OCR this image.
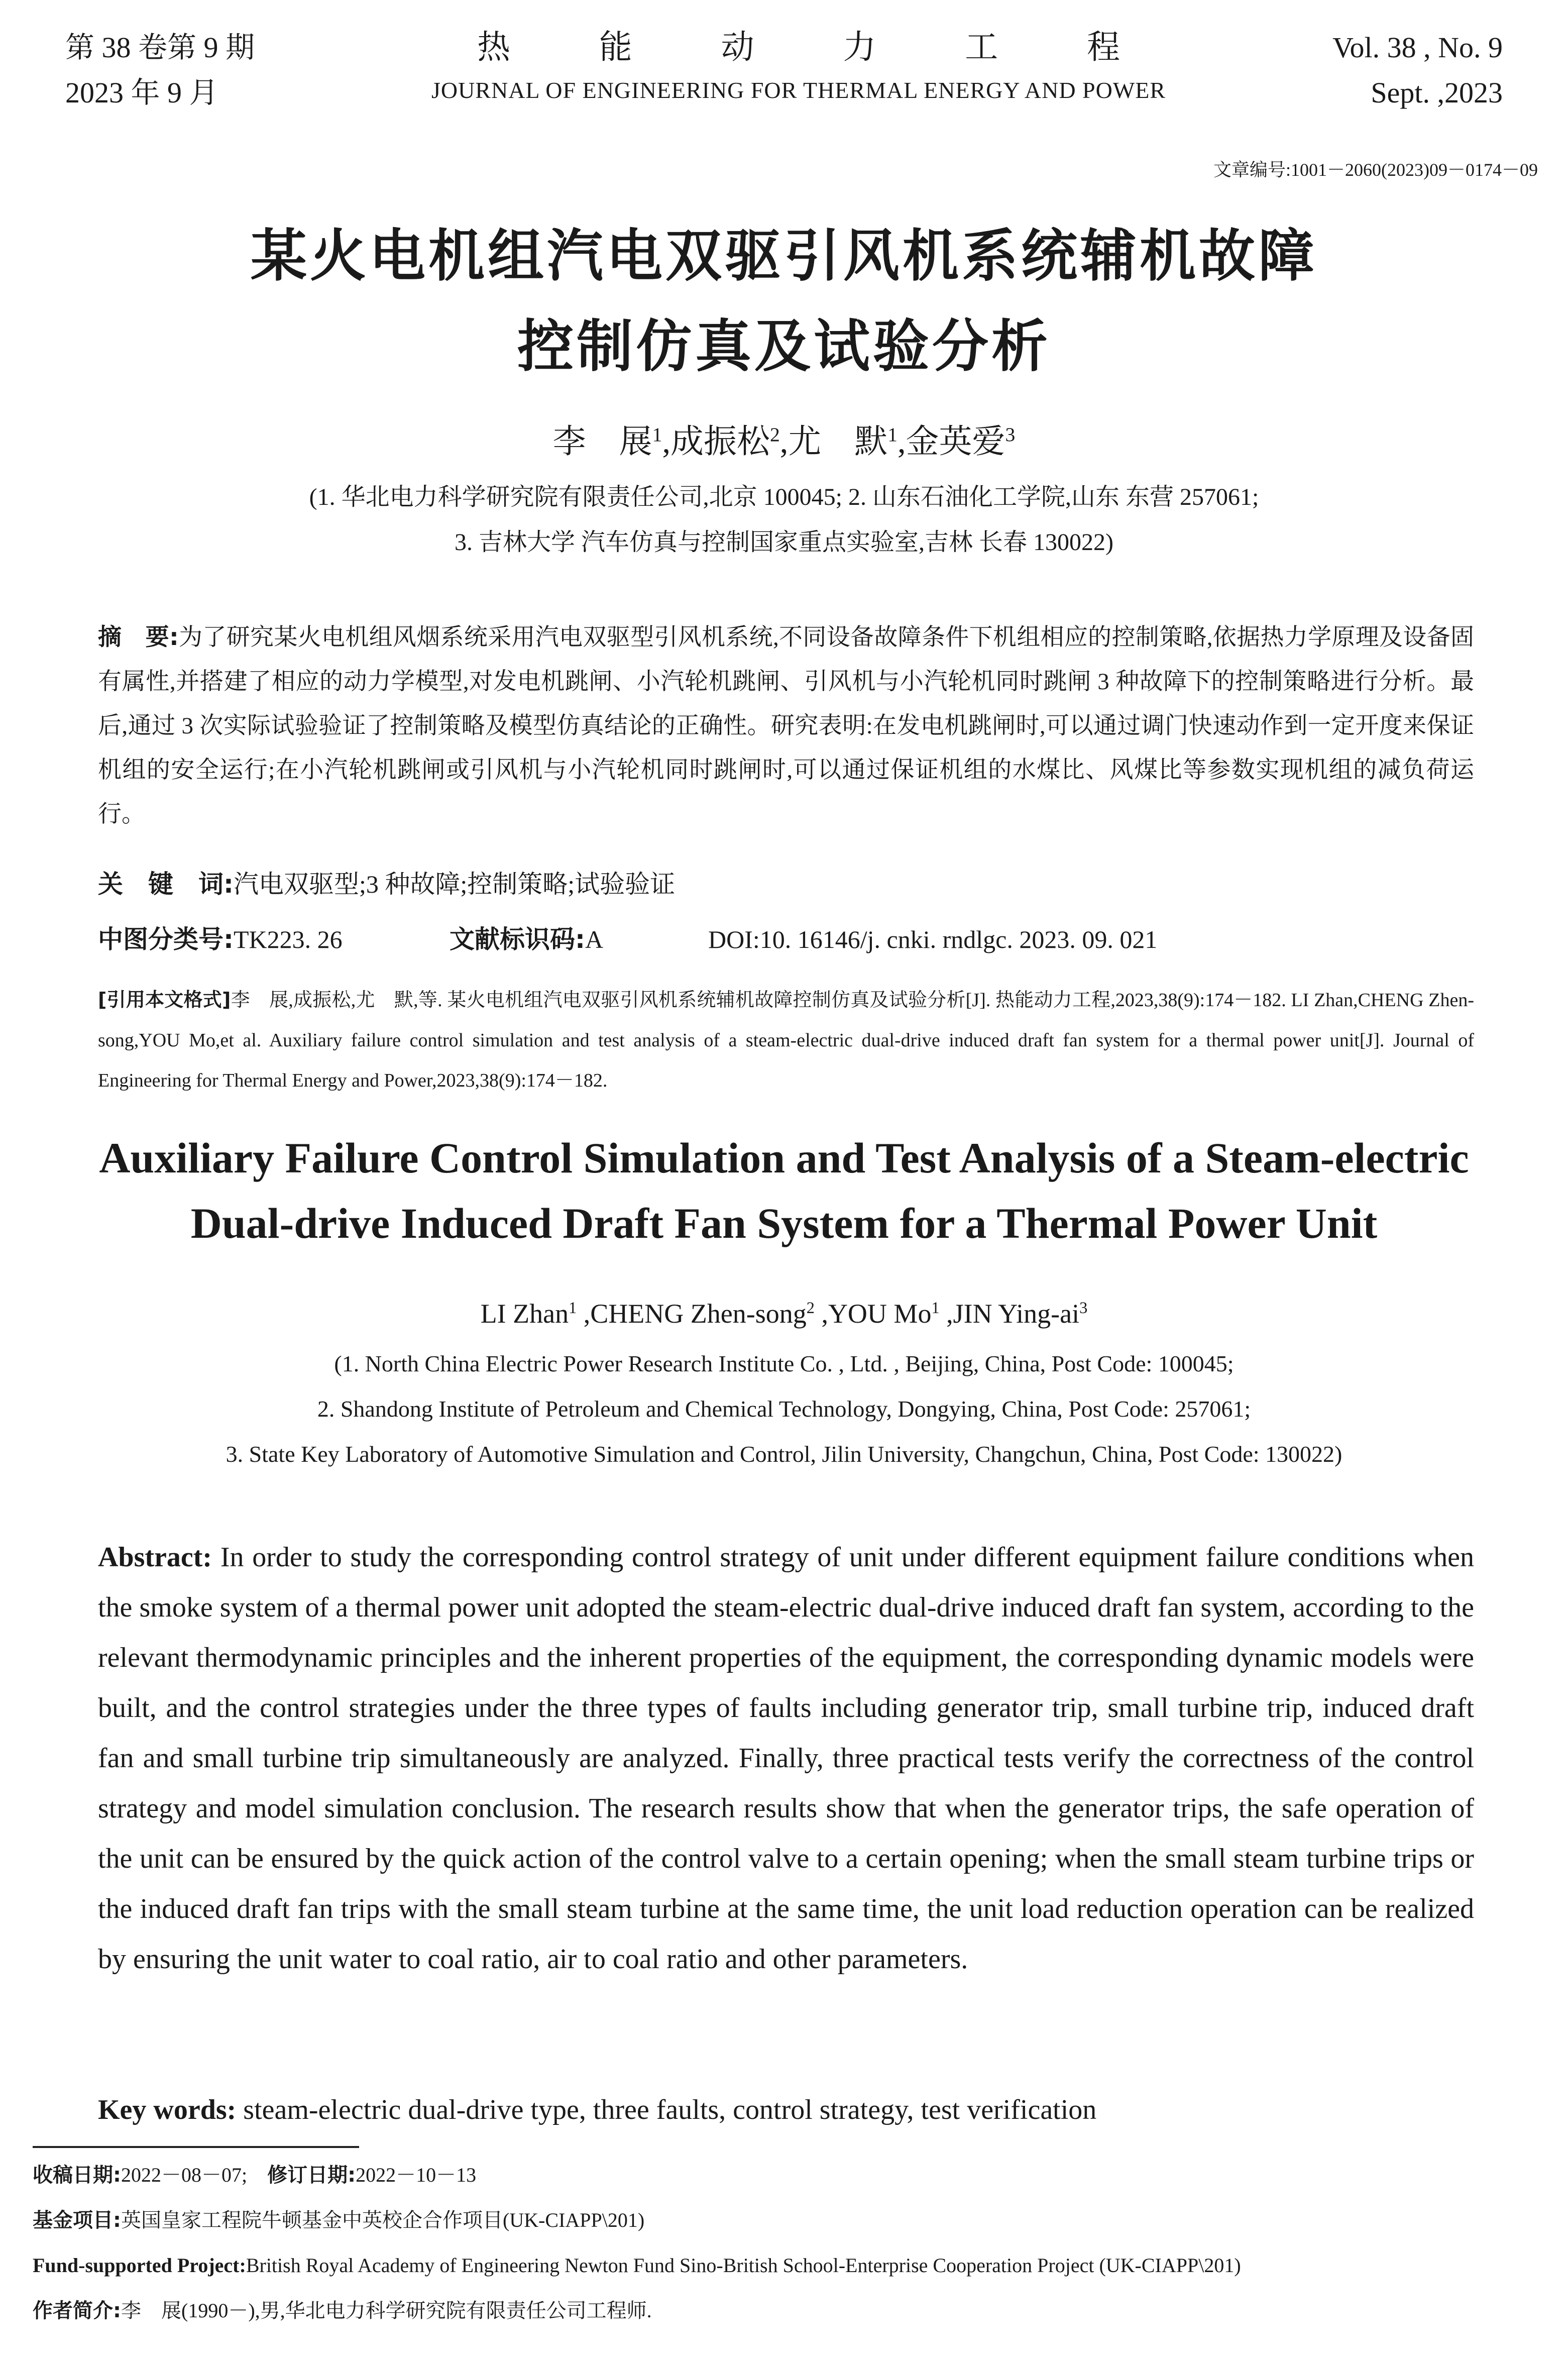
第 38 卷第 9 期
2023 年 9 月
热	能	动	力	工	程
JOURNAL OF ENGINEERING FOR THERMAL ENERGY AND POWER
Vol. 38 , No. 9
Sept. ,2023
文章编号:1001－2060(2023)09－0174－09
某火电机组汽电双驱引风机系统辅机故障
控制仿真及试验分析
李　展$^1$,成振松$^2$,尤　默$^1$,金英爱$^3$
(1. 华北电力科学研究院有限责任公司,北京 100045; 2. 山东石油化工学院,山东 东营 257061;
3. 吉林大学 汽车仿真与控制国家重点实验室,吉林 长春 130022)
摘　要:为了研究某火电机组风烟系统采用汽电双驱型引风机系统,不同设备故障条件下机组相应的控制策略,依据热力学原理及设备固有属性,并搭建了相应的动力学模型,对发电机跳闸、小汽轮机跳闸、引风机与小汽轮机同时跳闸 3 种故障下的控制策略进行分析。最后,通过 3 次实际试验验证了控制策略及模型仿真结论的正确性。研究表明:在发电机跳闸时,可以通过调门快速动作到一定开度来保证机组的安全运行;在小汽轮机跳闸或引风机与小汽轮机同时跳闸时,可以通过保证机组的水煤比、风煤比等参数实现机组的减负荷运行。
关　键　词:汽电双驱型;3 种故障;控制策略;试验验证
中图分类号:TK223. 26	文献标识码:A	DOI:10. 16146/j. cnki. rndlgc. 2023. 09. 021
[引用本文格式]李　展,成振松,尤　默,等. 某火电机组汽电双驱引风机系统辅机故障控制仿真及试验分析[J]. 热能动力工程,2023,38(9):174－182. LI Zhan,CHENG Zhen-song,YOU Mo,et al. Auxiliary failure control simulation and test analysis of a steam-electric dual-drive induced draft fan system for a thermal power unit[J]. Journal of Engineering for Thermal Energy and Power,2023,38(9):174－182.
Auxiliary Failure Control Simulation and Test Analysis of a Steam-electric
Dual-drive Induced Draft Fan System for a Thermal Power Unit
LI Zhan$^1$ ,CHENG Zhen-song$^2$ ,YOU Mo$^1$ ,JIN Ying-$ai^3$
(1. North China Electric Power Research Institute Co. , Ltd. , Beijing, China, Post Code: 100045;
2. Shandong Institute of Petroleum and Chemical Technology, Dongying, China, Post Code: 257061;
3. State Key Laboratory of Automotive Simulation and Control, Jilin University, Changchun, China, Post Code: 130022)
Abstract: In order to study the corresponding control strategy of unit under different equipment failure conditions when the smoke system of a thermal power unit adopted the steam-electric dual-drive induced draft fan system, according to the relevant thermodynamic principles and the inherent properties of the equipment, the corresponding dynamic models were built, and the control strategies under the three types of faults including generator trip, small turbine trip, induced draft fan and small turbine trip simultaneously are analyzed. Finally, three practical tests verify the correctness of the control strategy and model simulation conclusion. The research results show that when the generator trips, the safe operation of the unit can be ensured by the quick action of the control valve to a certain opening; when the small steam turbine trips or the induced draft fan trips with the small steam turbine at the same time, the unit load reduction operation can be realized by ensuring the unit water to coal ratio, air to coal ratio and other parameters.
Key words: steam-electric dual-drive type, three faults, control strategy, test verification
收稿日期:2022－08－07;　 修订日期:2022－10－13
基金项目:英国皇家工程院牛顿基金中英校企合作项目(UK-CIAPP\201)
Fund-supported Project:British Royal Academy of Engineering Newton Fund Sino-British School-Enterprise Cooperation Project (UK-CIAPP\201)
作者简介:李　展(1990－),男,华北电力科学研究院有限责任公司工程师.
